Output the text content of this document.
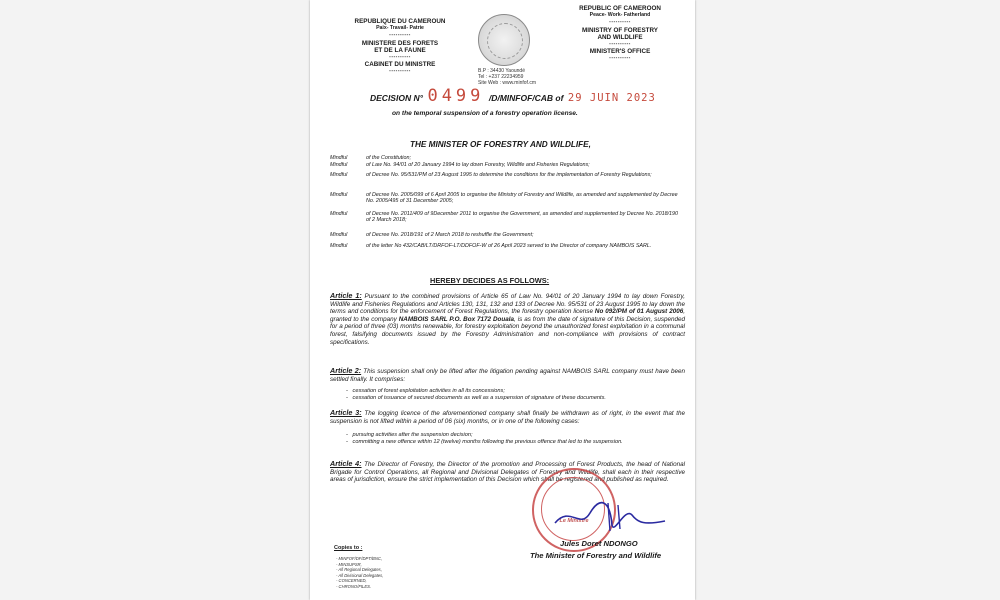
REPUBLIQUE DU CAMEROUN
Paix- Travail- Patrie
----------
MINISTERE DES FORETS
ET DE LA FAUNE
----------
CABINET DU MINISTRE
----------	B.P : 34430 Yaoundé
Tel : +237 22234959
Site Web : www.minfof.cm
REPUBLIC OF CAMEROON
Peace- Work- Fatherland
----------
MINISTRY OF FORESTRY
AND WILDLIFE
----------
MINISTER'S OFFICE
----------
DECISION N° 0499 /D/MINFOF/CAB of 29 JUIN 2023
on the temporal suspension of a forestry operation license.
THE MINISTER OF FORESTRY AND WILDLIFE,
Mindful	of the Constitution;
Mindful	of Law No. 94/01 of 20 January 1994 to lay down Forestry, Wildlife and Fisheries Regulations;
Mindful	of Decree No. 95/531/PM of 23 August 1995 to determine the conditions for the implementation of Forestry Regulations;
Mindful	of Decree No. 2005/099 of 6 April 2005 to organise the Ministry of Forestry and Wildlife, as amended and supplemented by Decree No. 2005/495 of 31 December 2005;
Mindful	of Decree No. 2011/409 of 9December 2011 to organise the Government, as amended and supplemented by Decree No. 2018/190 of 2 March 2018;
Mindful	of Decree No. 2018/191 of 2 March 2018 to reshuffle the Government;
Mindful	of the letter No 432/CAB/LT/DRFOF-LT/DDFOF-W of 26 April 2023 served to the Director of company NAMBOIS SARL.
HEREBY DECIDES AS FOLLOWS:
Article 1: Pursuant to the combined provisions of Article 65 of Law No. 94/01 of 20 January 1994 to lay down Forestry, Wildlife and Fisheries Regulations and Articles 130, 131, 132 and 133 of Decree No. 95/531 of 23 August 1995 to lay down the terms and conditions for the enforcement of Forest Regulations, the forestry operation license No 092/PM of 01 August 2006, granted to the company NAMBOIS SARL P.O. Box 7172 Douala, is as from the date of signature of this Decision, suspended for a period of three (03) months renewable, for forestry exploitation beyond the unauthorized forest exploitation in a communal forest, falsifying documents issued by the Forestry Administration and non-compliance with provisions of contract specifications.
Article 2: This suspension shall only be lifted after the litigation pending against NAMBOIS SARL company must have been settled finally. It comprises:
-   cessation of forest exploitation activities in all its concessions;
-   cessation of issuance of secured documents as well as a suspension of signature of these documents.
Article 3: The logging licence of the aforementioned company shall finally be withdrawn as of right, in the event that the suspension is not lifted within a period of 06 (six) months, or in one of the following cases:
-   pursuing activities after the suspension decision;
-   committing a new offence within 12 (twelve) months following the previous offence that led to the suspension.
Article 4: The Director of Forestry, the Director of the promotion and Processing of Forest Products, the head of National Brigade for Control Operations, all Regional and Divisional Delegates of Forestry and Wildlife, shall each in their respective areas of jurisdiction, ensure the strict implementation of this Decision which shall be registered and published as required.
Le Ministre
Jules Doret NDONGO
The Minister of Forestry and Wildlife
Copies to :
- MINFOF/DF/DPT/BNC,
- MINSUPSR,
- All Regional Delegates,
- All Divisional Delegates,
- CONCERNED,
- CHRONO/FILES.
